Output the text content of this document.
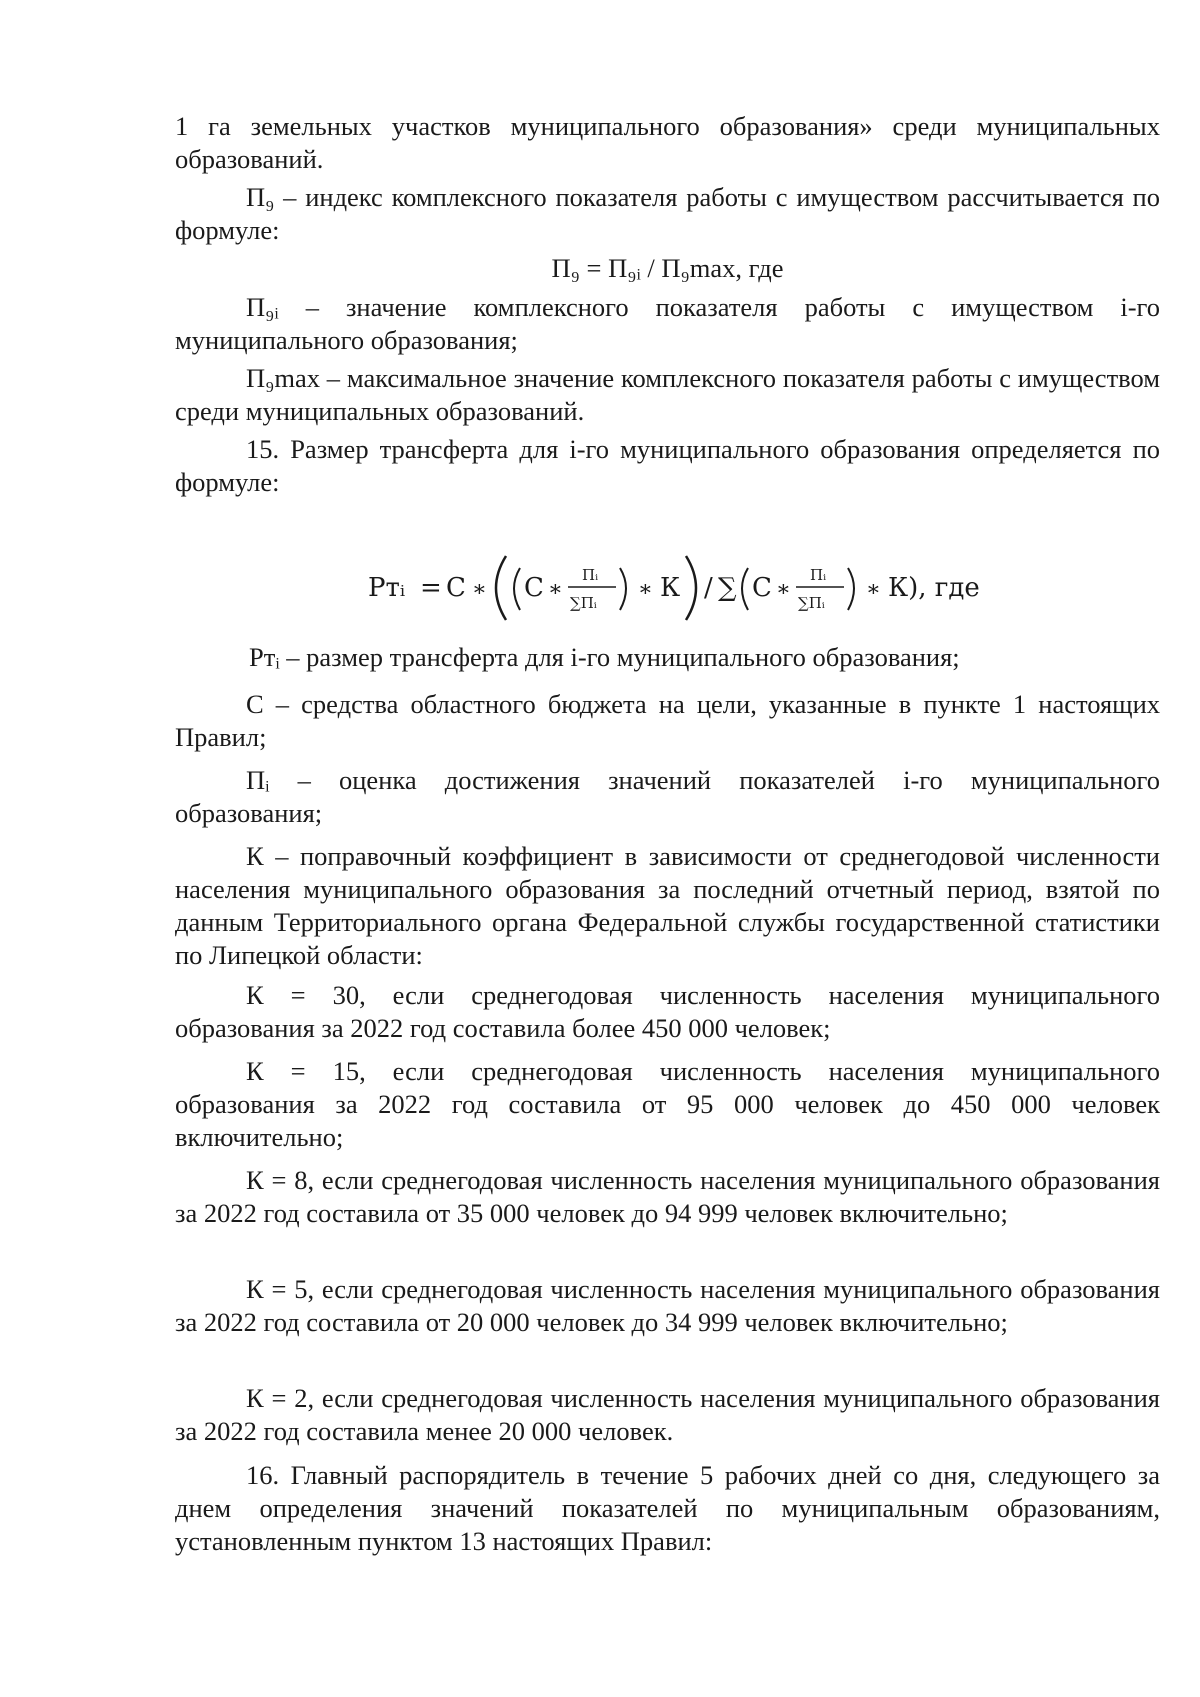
1 га земельных участков муниципального образования» среди муниципальных образований.

П₉ – индекс комплексного показателя работы с имуществом рассчитывается по формуле:

П₉ = П₉ᵢ / П₉max, где

П₉ᵢ – значение комплексного показателя работы с имуществом i-го муниципального образования;

П₉max – максимальное значение комплексного показателя работы с имуществом среди муниципальных образований.

15. Размер трансферта для i-го муниципального образования определяется по формуле:

Ртᵢ = С ∗ С ∗
Пᵢ
∑Пᵢ
∗ К / ∑ С ∗
Пᵢ
∑Пᵢ
∗ К), где

Ртᵢ – размер трансферта для i-го муниципального образования;

С – средства областного бюджета на цели, указанные в пункте 1 настоящих Правил;

Пᵢ – оценка достижения значений показателей i-го муниципального образования;

К – поправочный коэффициент в зависимости от среднегодовой численности населения муниципального образования за последний отчетный период, взятой по данным Территориального органа Федеральной службы государственной статистики по Липецкой области:

К = 30, если среднегодовая численность населения муниципального образования за 2022 год составила более 450 000 человек;

К = 15, если среднегодовая численность населения муниципального образования за 2022 год составила от 95 000 человек до 450 000 человек включительно;

К = 8, если среднегодовая численность населения муниципального образования за 2022 год составила от 35 000 человек до 94 999 человек включительно;

К = 5, если среднегодовая численность населения муниципального образования за 2022 год составила от 20 000 человек до 34 999 человек включительно;

К = 2, если среднегодовая численность населения муниципального образования за 2022 год составила менее 20 000 человек.

16. Главный распорядитель в течение 5 рабочих дней со дня, следующего за днем определения значений показателей по муниципальным образованиям, установленным пунктом 13 настоящих Правил:
